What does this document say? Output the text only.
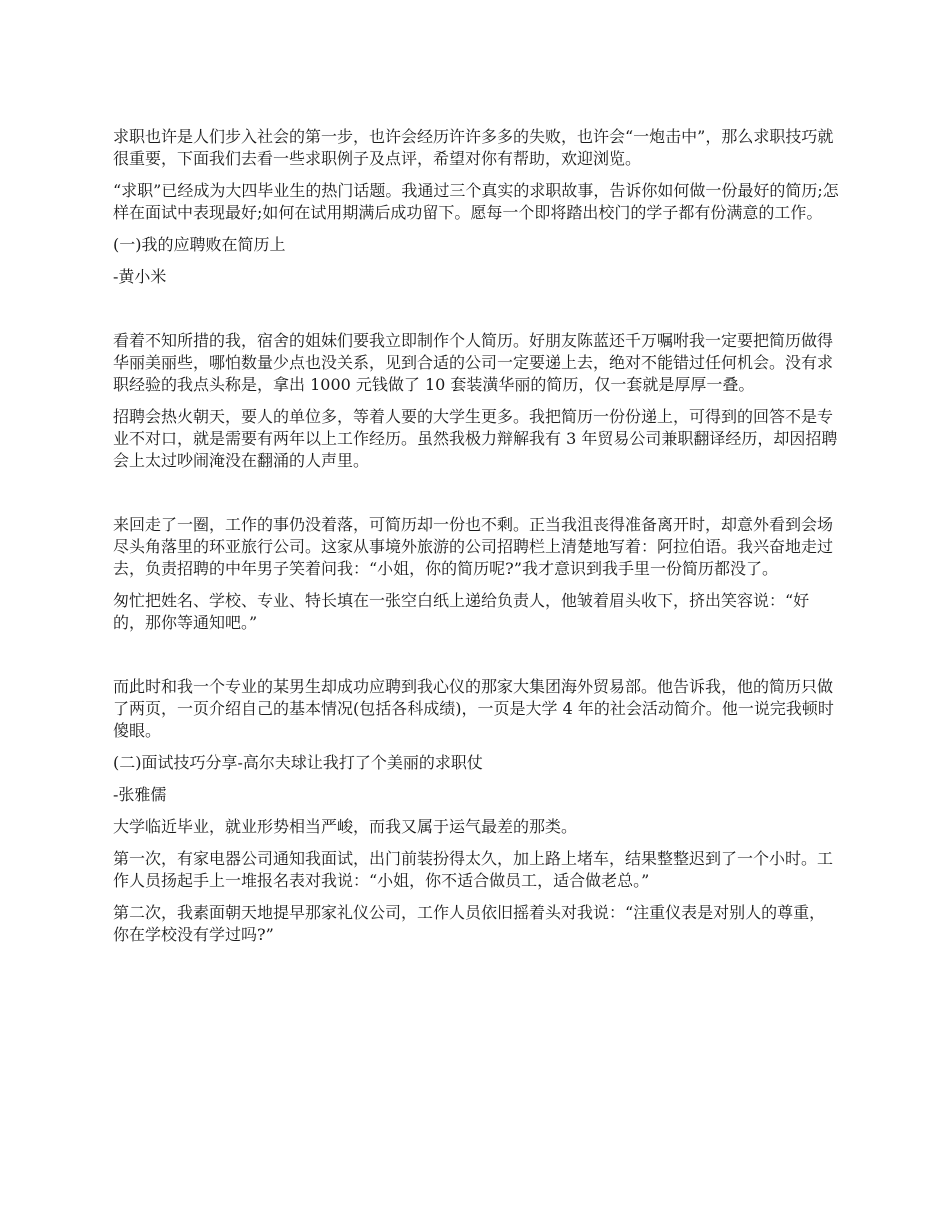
求职也许是人们步入社会的第一步，也许会经历许许多多的失败，也许会“一炮击中”，那么求职技巧就很重要，下面我们去看一些求职例子及点评，希望对你有帮助，欢迎浏览。

“求职”已经成为大四毕业生的热门话题。我通过三个真实的求职故事，告诉你如何做一份最好的简历;怎样在面试中表现最好;如何在试用期满后成功留下。愿每一个即将踏出校门的学子都有份满意的工作。

(一)我的应聘败在简历上

-黄小米

看着不知所措的我，宿舍的姐妹们要我立即制作个人简历。好朋友陈蓝还千万嘱咐我一定要把简历做得华丽美丽些，哪怕数量少点也没关系，见到合适的公司一定要递上去，绝对不能错过任何机会。没有求职经验的我点头称是，拿出 1000 元钱做了 10 套装潢华丽的简历，仅一套就是厚厚一叠。

招聘会热火朝天，要人的单位多，等着人要的大学生更多。我把简历一份份递上，可得到的回答不是专业不对口，就是需要有两年以上工作经历。虽然我极力辩解我有 3 年贸易公司兼职翻译经历，却因招聘会上太过吵闹淹没在翻涌的人声里。

来回走了一圈，工作的事仍没着落，可简历却一份也不剩。正当我沮丧得准备离开时，却意外看到会场尽头角落里的环亚旅行公司。这家从事境外旅游的公司招聘栏上清楚地写着：阿拉伯语。我兴奋地走过去，负责招聘的中年男子笑着问我：“小姐，你的简历呢?”我才意识到我手里一份简历都没了。

匆忙把姓名、学校、专业、特长填在一张空白纸上递给负责人，他皱着眉头收下，挤出笑容说：“好的，那你等通知吧。”

而此时和我一个专业的某男生却成功应聘到我心仪的那家大集团海外贸易部。他告诉我，他的简历只做了两页，一页介绍自己的基本情况(包括各科成绩)，一页是大学 4 年的社会活动简介。他一说完我顿时傻眼。

(二)面试技巧分享-高尔夫球让我打了个美丽的求职仗

-张雅儒

大学临近毕业，就业形势相当严峻，而我又属于运气最差的那类。

第一次，有家电器公司通知我面试，出门前装扮得太久，加上路上堵车，结果整整迟到了一个小时。工作人员扬起手上一堆报名表对我说：“小姐，你不适合做员工，适合做老总。”

第二次，我素面朝天地提早那家礼仪公司，工作人员依旧摇着头对我说：“注重仪表是对别人的尊重，你在学校没有学过吗?”
